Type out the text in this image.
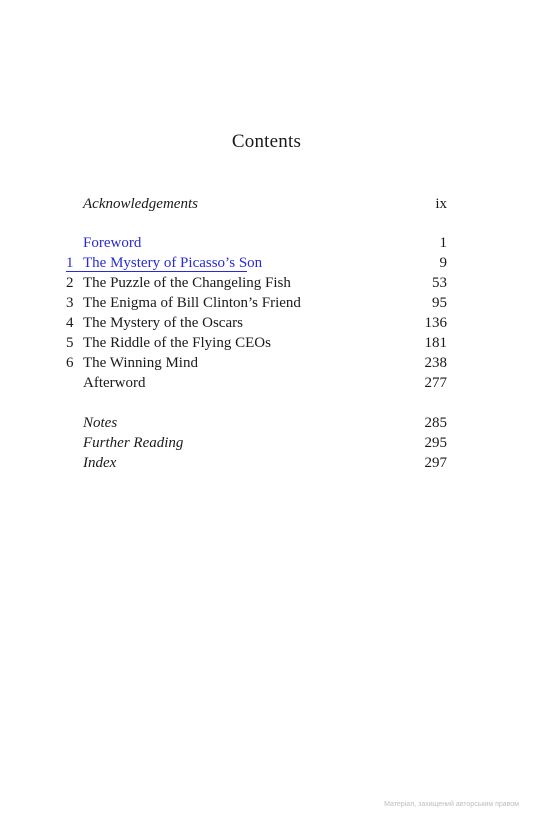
Contents
Acknowledgements	ix
Foreword	1
1 The Mystery of Picasso’s Son	9
2 The Puzzle of the Changeling Fish	53
3 The Enigma of Bill Clinton’s Friend	95
4 The Mystery of the Oscars	136
5 The Riddle of the Flying CEOs	181
6 The Winning Mind	238
Afterword	277
Notes	285
Further Reading	295
Index	297
Матеріал, захищений авторським правом
